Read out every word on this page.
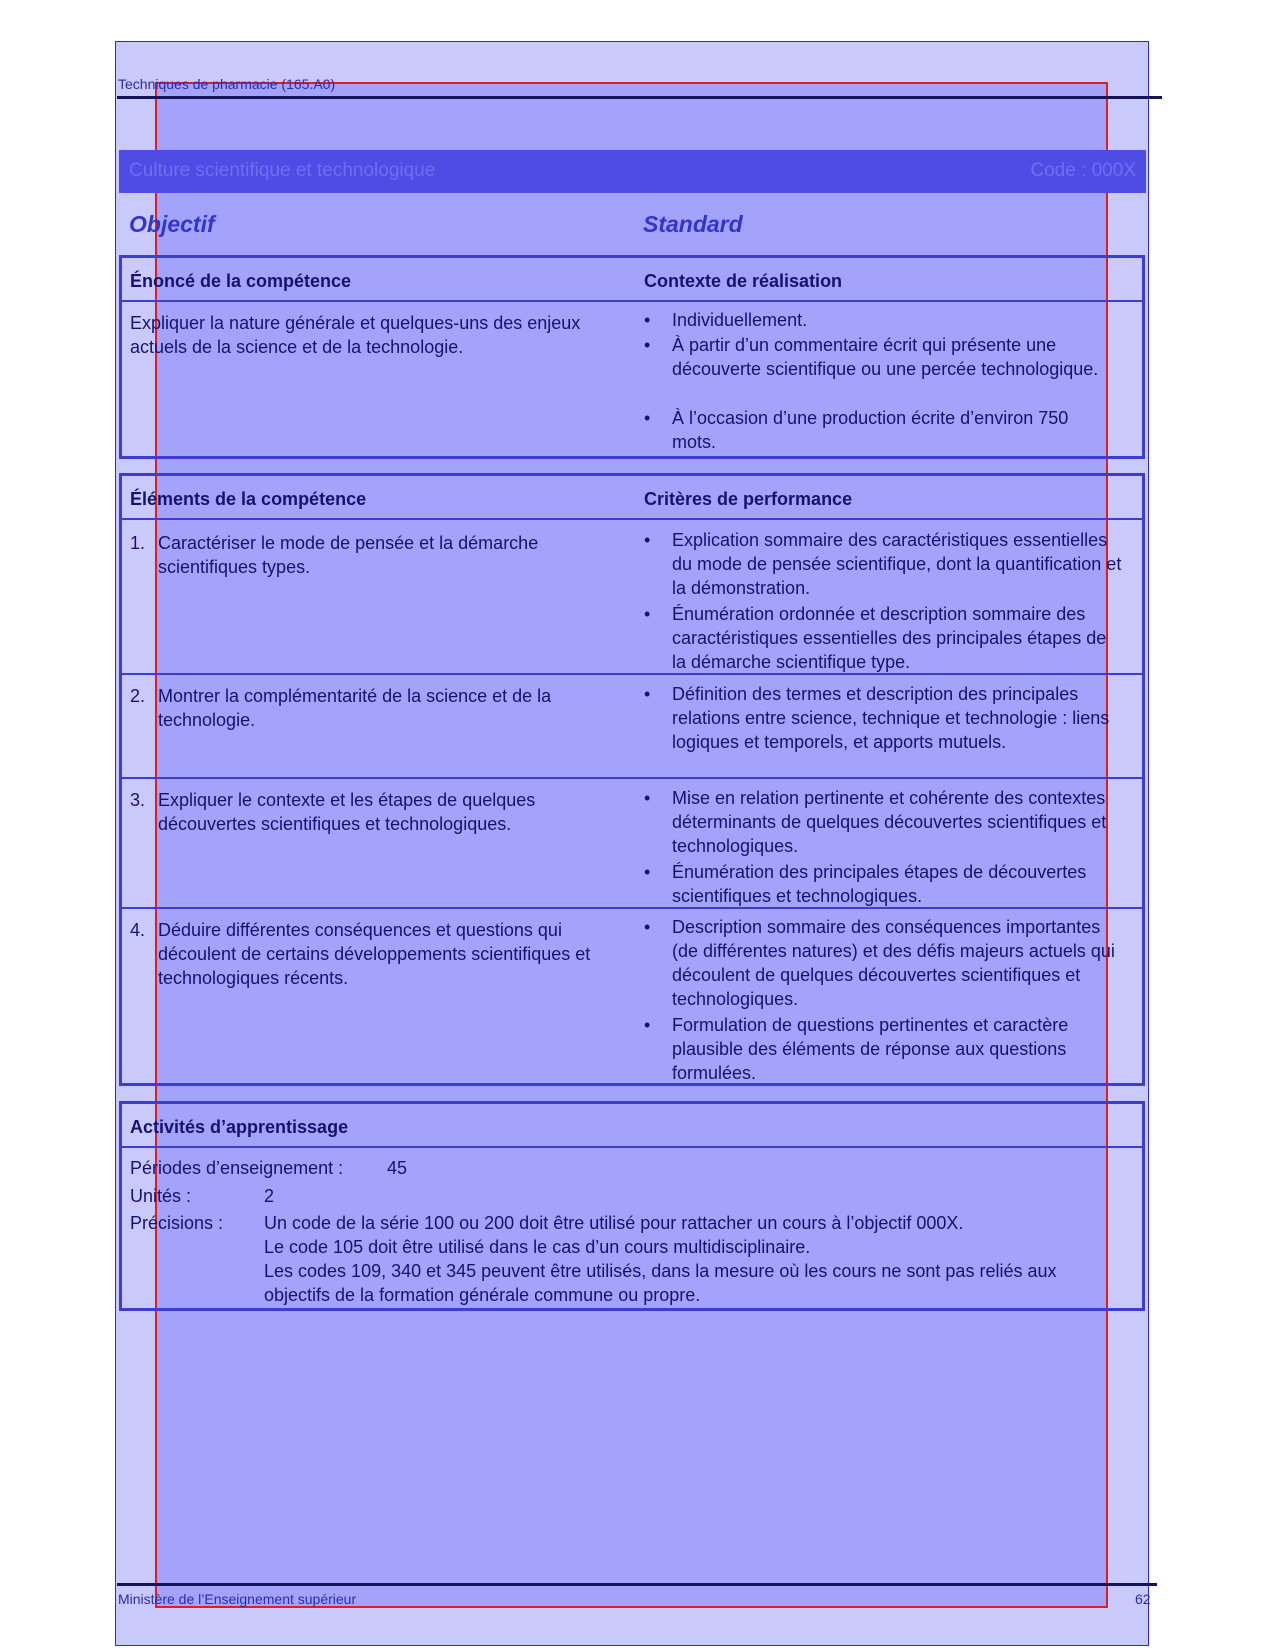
Techniques de pharmacie (165.A0)
Culture scientifique et technologique	Code : 000X
Objectif	Standard
Énoncé de la compétence	Contexte de réalisation
Expliquer la nature générale et quelques-uns des enjeux actuels de la science et de la technologie.
•	Individuellement.
•	À partir d’un commentaire écrit qui présente une découverte scientifique ou une percée technologique.
•	À l’occasion d’une production écrite d’environ 750 mots.
Éléments de la compétence	Critères de performance
1. Caractériser le mode de pensée et la démarche scientifiques types.
•	Explication sommaire des caractéristiques essentielles du mode de pensée scientifique, dont la quantification et la démonstration.
•	Énumération ordonnée et description sommaire des caractéristiques essentielles des principales étapes de la démarche scientifique type.
2. Montrer la complémentarité de la science et de la technologie.
•	Définition des termes et description des principales relations entre science, technique et technologie : liens logiques et temporels, et apports mutuels.
3. Expliquer le contexte et les étapes de quelques découvertes scientifiques et technologiques.
•	Mise en relation pertinente et cohérente des contextes déterminants de quelques découvertes scientifiques et technologiques.
•	Énumération des principales étapes de découvertes scientifiques et technologiques.
4. Déduire différentes conséquences et questions qui découlent de certains développements scientifiques et technologiques récents.
•	Description sommaire des conséquences importantes (de différentes natures) et des défis majeurs actuels qui découlent de quelques découvertes scientifiques et technologiques.
•	Formulation de questions pertinentes et caractère plausible des éléments de réponse aux questions formulées.
Activités d’apprentissage
Périodes d’enseignement : 45
Unités :	2
Précisions : Un code de la série 100 ou 200 doit être utilisé pour rattacher un cours à l’objectif 000X.
Le code 105 doit être utilisé dans le cas d’un cours multidisciplinaire.
Les codes 109, 340 et 345 peuvent être utilisés, dans la mesure où les cours ne sont pas reliés aux objectifs de la formation générale commune ou propre.
Ministère de l’Enseignement supérieur	62
